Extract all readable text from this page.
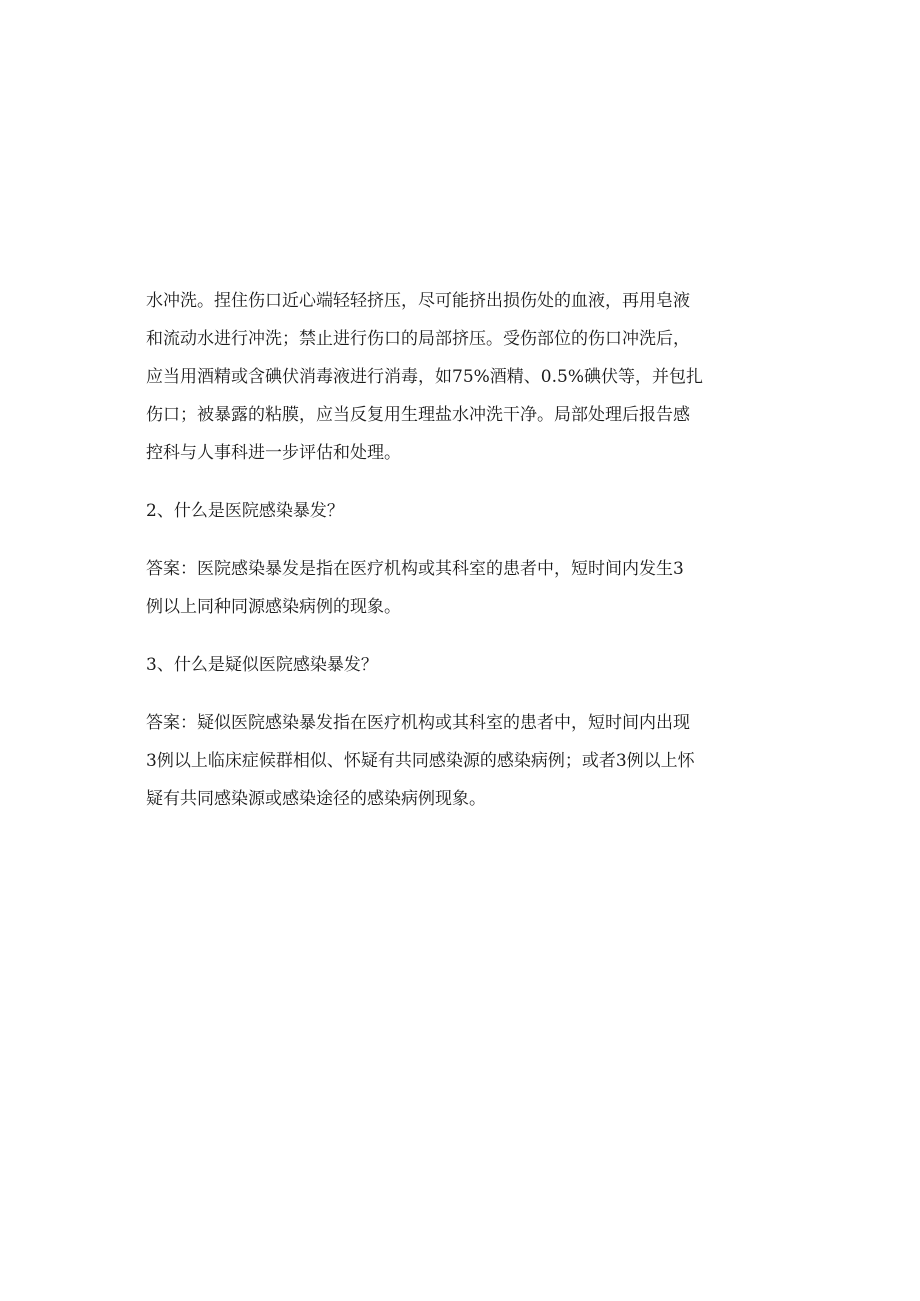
水冲洗。捏住伤口近心端轻轻挤压，尽可能挤出损伤处的血液，再用皂液
和流动水进行冲洗；禁止进行伤口的局部挤压。受伤部位的伤口冲洗后，
应当用酒精或含碘伏消毒液进行消毒，如75%酒精、0.5%碘伏等，并包扎
伤口；被暴露的粘膜，应当反复用生理盐水冲洗干净。局部处理后报告感
控科与人事科进一步评估和处理。
2、什么是医院感染暴发？
答案：医院感染暴发是指在医疗机构或其科室的患者中，短时间内发生3
例以上同种同源感染病例的现象。
3、什么是疑似医院感染暴发？
答案：疑似医院感染暴发指在医疗机构或其科室的患者中，短时间内出现
3例以上临床症候群相似、怀疑有共同感染源的感染病例；或者3例以上怀
疑有共同感染源或感染途径的感染病例现象。
